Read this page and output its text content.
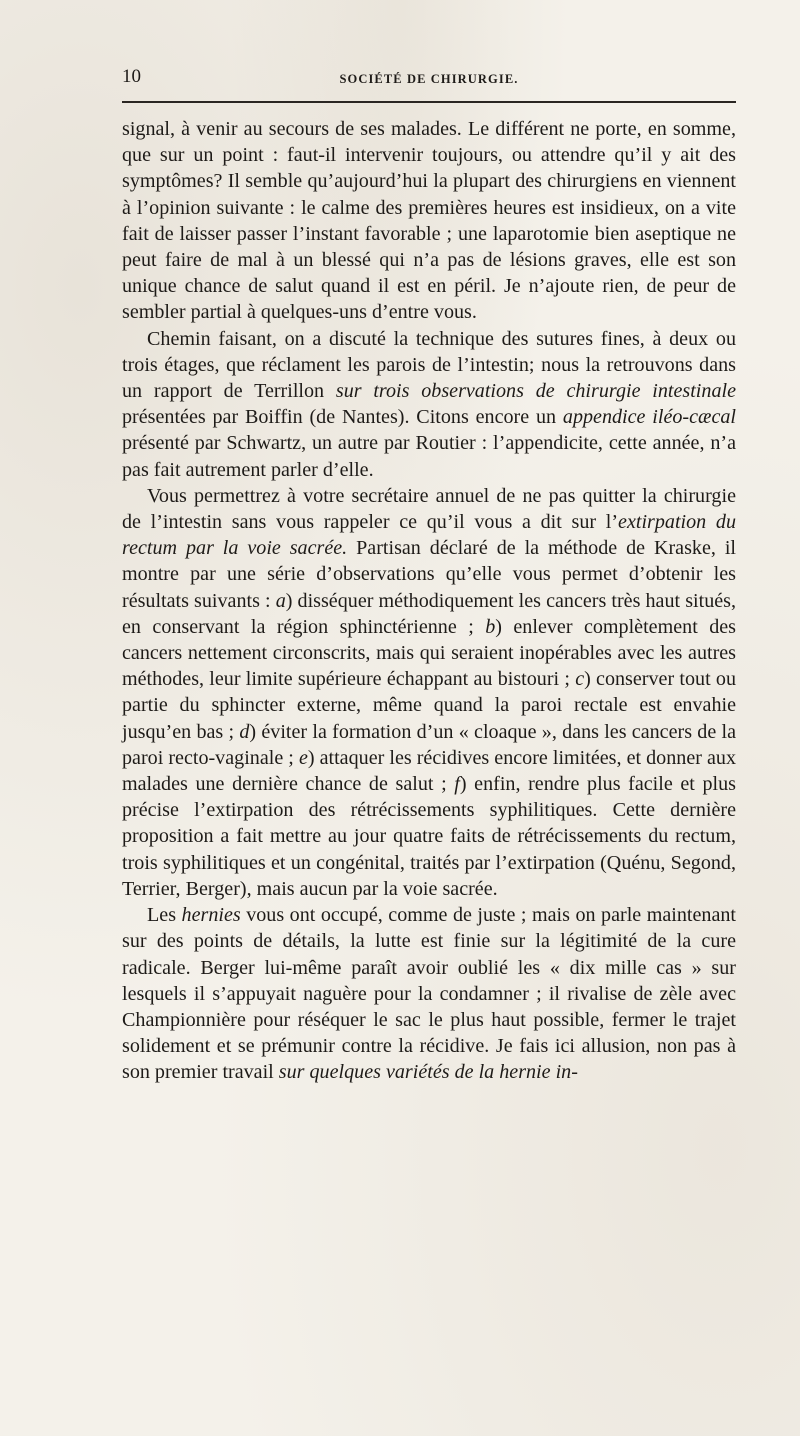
10	SOCIÉTÉ DE CHIRURGIE.

signal, à venir au secours de ses malades. Le différent ne porte, en somme, que sur un point : faut-il intervenir toujours, ou attendre qu’il y ait des symptômes? Il semble qu’aujourd’hui la plupart des chirurgiens en viennent à l’opinion suivante : le calme des premières heures est insidieux, on a vite fait de laisser passer l’instant favorable ; une laparotomie bien aseptique ne peut faire de mal à un blessé qui n’a pas de lésions graves, elle est son unique chance de salut quand il est en péril. Je n’ajoute rien, de peur de sembler partial à quelques-uns d’entre vous.

Chemin faisant, on a discuté la technique des sutures fines, à deux ou trois étages, que réclament les parois de l’intestin; nous la retrouvons dans un rapport de Terrillon sur trois observations de chirurgie intestinale présentées par Boiffin (de Nantes). Citons encore un appendice iléo-cæcal présenté par Schwartz, un autre par Routier : l’appendicite, cette année, n’a pas fait autrement parler d’elle.

Vous permettrez à votre secrétaire annuel de ne pas quitter la chirurgie de l’intestin sans vous rappeler ce qu’il vous a dit sur l’extirpation du rectum par la voie sacrée. Partisan déclaré de la méthode de Kraske, il montre par une série d’observations qu’elle vous permet d’obtenir les résultats suivants : a) disséquer méthodiquement les cancers très haut situés, en conservant la région sphinctérienne ; b) enlever complètement des cancers nettement circonscrits, mais qui seraient inopérables avec les autres méthodes, leur limite supérieure échappant au bistouri ; c) conserver tout ou partie du sphincter externe, même quand la paroi rectale est envahie jusqu’en bas ; d) éviter la formation d’un « cloaque », dans les cancers de la paroi recto-vaginale ; e) attaquer les récidives encore limitées, et donner aux malades une dernière chance de salut ; f) enfin, rendre plus facile et plus précise l’extirpation des rétrécissements syphilitiques. Cette dernière proposition a fait mettre au jour quatre faits de rétrécissements du rectum, trois syphilitiques et un congénital, traités par l’extirpation (Quénu, Segond, Terrier, Berger), mais aucun par la voie sacrée.

Les hernies vous ont occupé, comme de juste ; mais on parle maintenant sur des points de détails, la lutte est finie sur la légitimité de la cure radicale. Berger lui-même paraît avoir oublié les « dix mille cas » sur lesquels il s’appuyait naguère pour la condamner ; il rivalise de zèle avec Championnière pour réséquer le sac le plus haut possible, fermer le trajet solidement et se prémunir contre la récidive. Je fais ici allusion, non pas à son premier travail sur quelques variétés de la hernie in-
